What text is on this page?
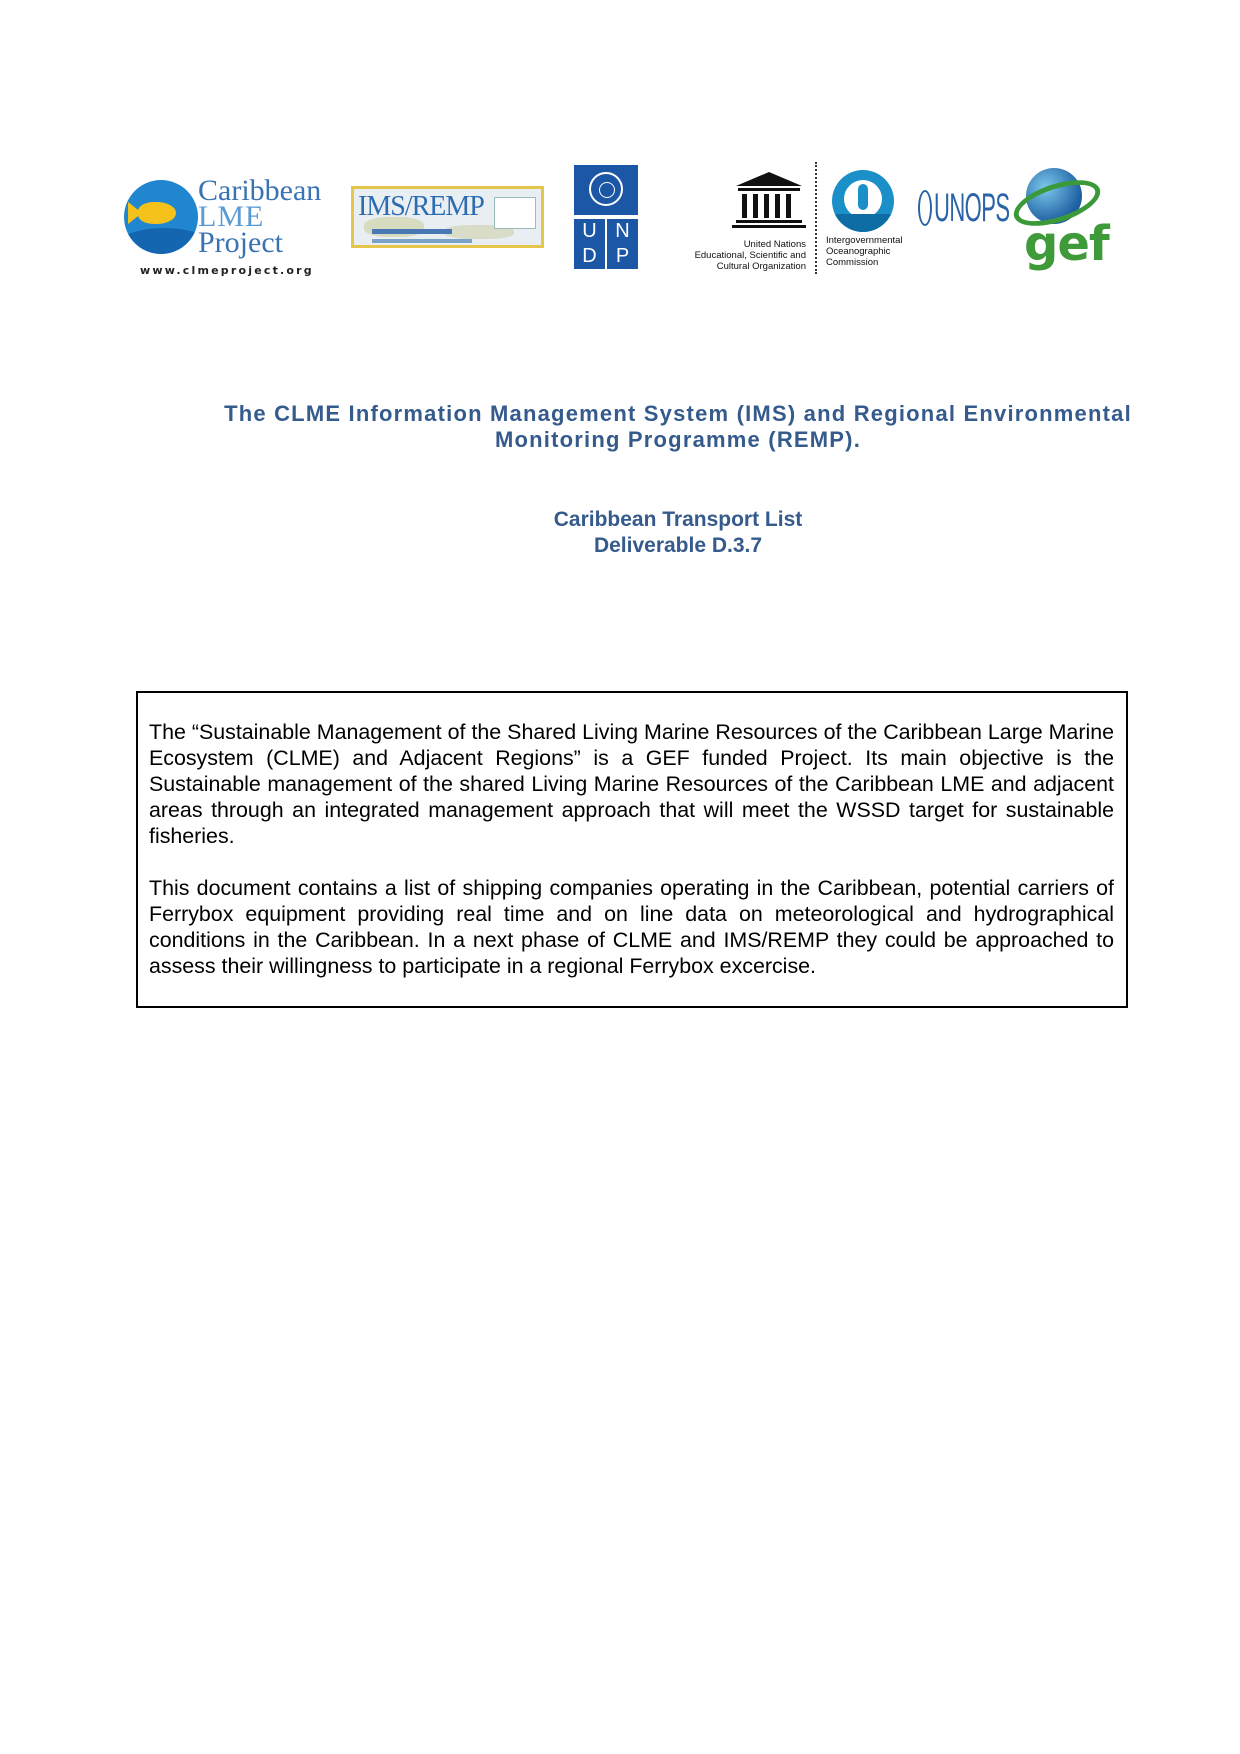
Caribbean
LME
Project
www.clmeproject.org
IMS/REMP
U N
D P
United Nations
Educational, Scientific and
Cultural Organization
Intergovernmental
Oceanographic
Commission
UNOPS
gef
The CLME Information Management System (IMS) and Regional Environmental
Monitoring Programme (REMP).
Caribbean Transport List
Deliverable D.3.7

The “Sustainable Management of the Shared Living Marine Resources of the Caribbean Large Marine Ecosystem (CLME) and Adjacent Regions” is a GEF funded Project. Its main objective is the Sustainable management of the shared Living Marine Resources of the Caribbean LME and adjacent areas through an integrated management approach that will meet the WSSD target for sustainable fisheries.

This document contains a list of shipping companies operating in the Caribbean, potential carriers of Ferrybox equipment providing real time and on line data on meteorological and hydrographical conditions in the Caribbean. In a next phase of CLME and IMS/REMP they could be approached to assess their willingness to participate in a regional Ferrybox excercise.
